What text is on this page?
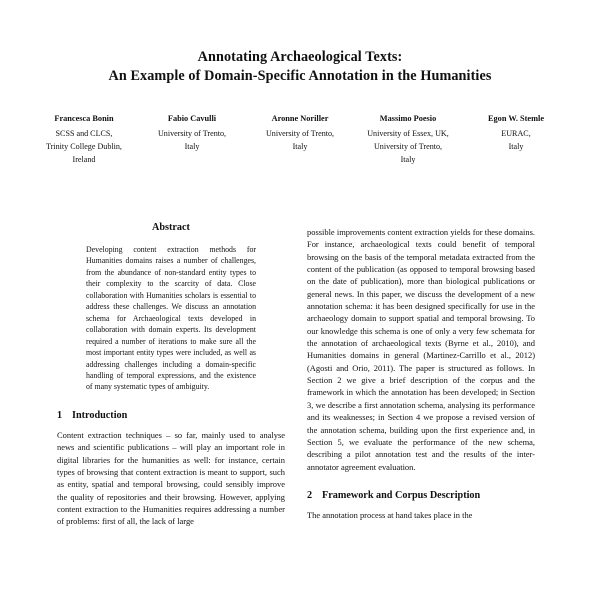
Annotating Archaeological Texts:
An Example of Domain-Specific Annotation in the Humanities
Francesca Bonin
SCSS and CLCS,
Trinity College Dublin,
Ireland
Fabio Cavulli
University of Trento,
Italy
Aronne Noriller
University of Trento,
Italy
Massimo Poesio
University of Essex, UK,
University of Trento,
Italy
Egon W. Stemle
EURAC,
Italy
Abstract

Developing content extraction methods for Humanities domains raises a number of challenges, from the abundance of non-standard entity types to their complexity to the scarcity of data. Close collaboration with Humanities scholars is essential to address these challenges. We discuss an annotation schema for Archaeological texts developed in collaboration with domain experts. Its development required a number of iterations to make sure all the most important entity types were included, as well as addressing challenges including a domain-specific handling of temporal expressions, and the existence of many systematic types of ambiguity.

1 Introduction

Content extraction techniques – so far, mainly used to analyse news and scientific publications – will play an important role in digital libraries for the humanities as well: for instance, certain types of browsing that content extraction is meant to support, such as entity, spatial and temporal browsing, could sensibly improve the quality of repositories and their browsing. However, applying content extraction to the Humanities requires addressing a number of problems: first of all, the lack of large

possible improvements content extraction yields for these domains. For instance, archaeological texts could benefit of temporal browsing on the basis of the temporal metadata extracted from the content of the publication (as opposed to temporal browsing based on the date of publication), more than biological publications or general news. In this paper, we discuss the development of a new annotation schema: it has been designed specifically for use in the archaeology domain to support spatial and temporal browsing. To our knowledge this schema is one of only a very few schemata for the annotation of archaeological texts (Byrne et al., 2010), and Humanities domains in general (Martinez-Carrillo et al., 2012) (Agosti and Orio, 2011). The paper is structured as follows. In Section 2 we give a brief description of the corpus and the framework in which the annotation has been developed; in Section 3, we describe a first annotation schema, analysing its performance and its weaknesses; in Section 4 we propose a revised version of the annotation schema, building upon the first experience and, in Section 5, we evaluate the performance of the new schema, describing a pilot annotation test and the results of the inter-annotator agreement evaluation.

2 Framework and Corpus Description

The annotation process at hand takes place in the
